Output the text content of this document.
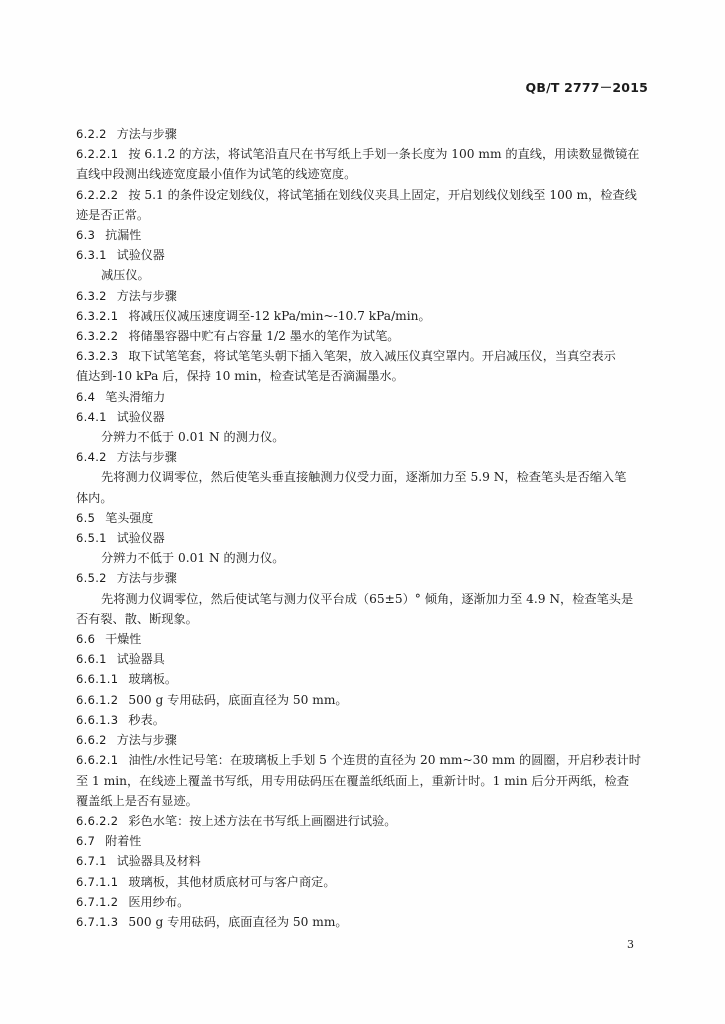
QB/T 2777－2015
6.2.2 方法与步骤
6.2.2.1 按 6.1.2 的方法，将试笔沿直尺在书写纸上手划一条长度为 100 mm 的直线，用读数显微镜在
直线中段测出线迹宽度最小值作为试笔的线迹宽度。
6.2.2.2 按 5.1 的条件设定划线仪，将试笔插在划线仪夹具上固定，开启划线仪划线至 100 m，检查线
迹是否正常。
6.3 抗漏性
6.3.1 试验仪器
减压仪。
6.3.2 方法与步骤
6.3.2.1 将减压仪减压速度调至-12 kPa/min~-10.7 kPa/min。
6.3.2.2 将储墨容器中贮有占容量 1/2 墨水的笔作为试笔。
6.3.2.3 取下试笔笔套，将试笔笔头朝下插入笔架，放入减压仪真空罩内。开启减压仪，当真空表示
值达到-10 kPa 后，保持 10 min，检查试笔是否滴漏墨水。
6.4 笔头滑缩力
6.4.1 试验仪器
分辨力不低于 0.01 N 的测力仪。
6.4.2 方法与步骤
先将测力仪调零位，然后使笔头垂直接触测力仪受力面，逐渐加力至 5.9 N，检查笔头是否缩入笔
体内。
6.5 笔头强度
6.5.1 试验仪器
分辨力不低于 0.01 N 的测力仪。
6.5.2 方法与步骤
先将测力仪调零位，然后使试笔与测力仪平台成（65±5）° 倾角，逐渐加力至 4.9 N，检查笔头是
否有裂、散、断现象。
6.6 干燥性
6.6.1 试验器具
6.6.1.1 玻璃板。
6.6.1.2 500 g 专用砝码，底面直径为 50 mm。
6.6.1.3 秒表。
6.6.2 方法与步骤
6.6.2.1 油性/水性记号笔：在玻璃板上手划 5 个连贯的直径为 20 mm~30 mm 的圆圈，开启秒表计时
至 1 min，在线迹上覆盖书写纸，用专用砝码压在覆盖纸纸面上，重新计时。1 min 后分开两纸，检查
覆盖纸上是否有显迹。
6.6.2.2 彩色水笔：按上述方法在书写纸上画圈进行试验。
6.7 附着性
6.7.1 试验器具及材料
6.7.1.1 玻璃板，其他材质底材可与客户商定。
6.7.1.2 医用纱布。
6.7.1.3 500 g 专用砝码，底面直径为 50 mm。
3
